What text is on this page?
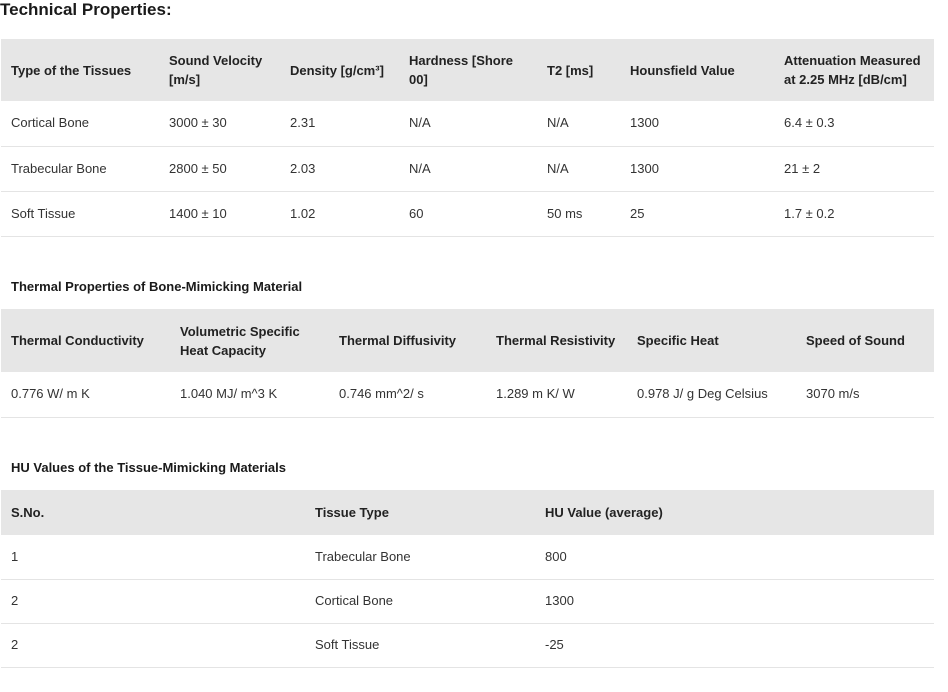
Technical Properties:
Type of the Tissues	Sound Velocity [m/s]	Density [g/cm³]	Hardness [Shore 00]	T2 [ms]	Hounsfield Value	Attenuation Measured at 2.25 MHz [dB/cm]
Cortical Bone	3000 ± 30	2.31	N/A	N/A	1300	6.4 ± 0.3
Trabecular Bone	2800 ± 50	2.03	N/A	N/A	1300	21 ± 2
Soft Tissue	1400 ± 10	1.02	60	50 ms	25	1.7 ± 0.2
Thermal Properties of Bone-Mimicking Material
Thermal Conductivity	Volumetric Specific Heat Capacity	Thermal Diffusivity	Thermal Resistivity	Specific Heat	Speed of Sound
0.776 W/ m K	1.040 MJ/ m^3 K	0.746 mm^2/ s	1.289 m K/ W	0.978 J/ g Deg Celsius	3070 m/s
HU Values of the Tissue-Mimicking Materials
S.No.	Tissue Type	HU Value (average)
1	Trabecular Bone	800
2	Cortical Bone	1300
2	Soft Tissue	-25
